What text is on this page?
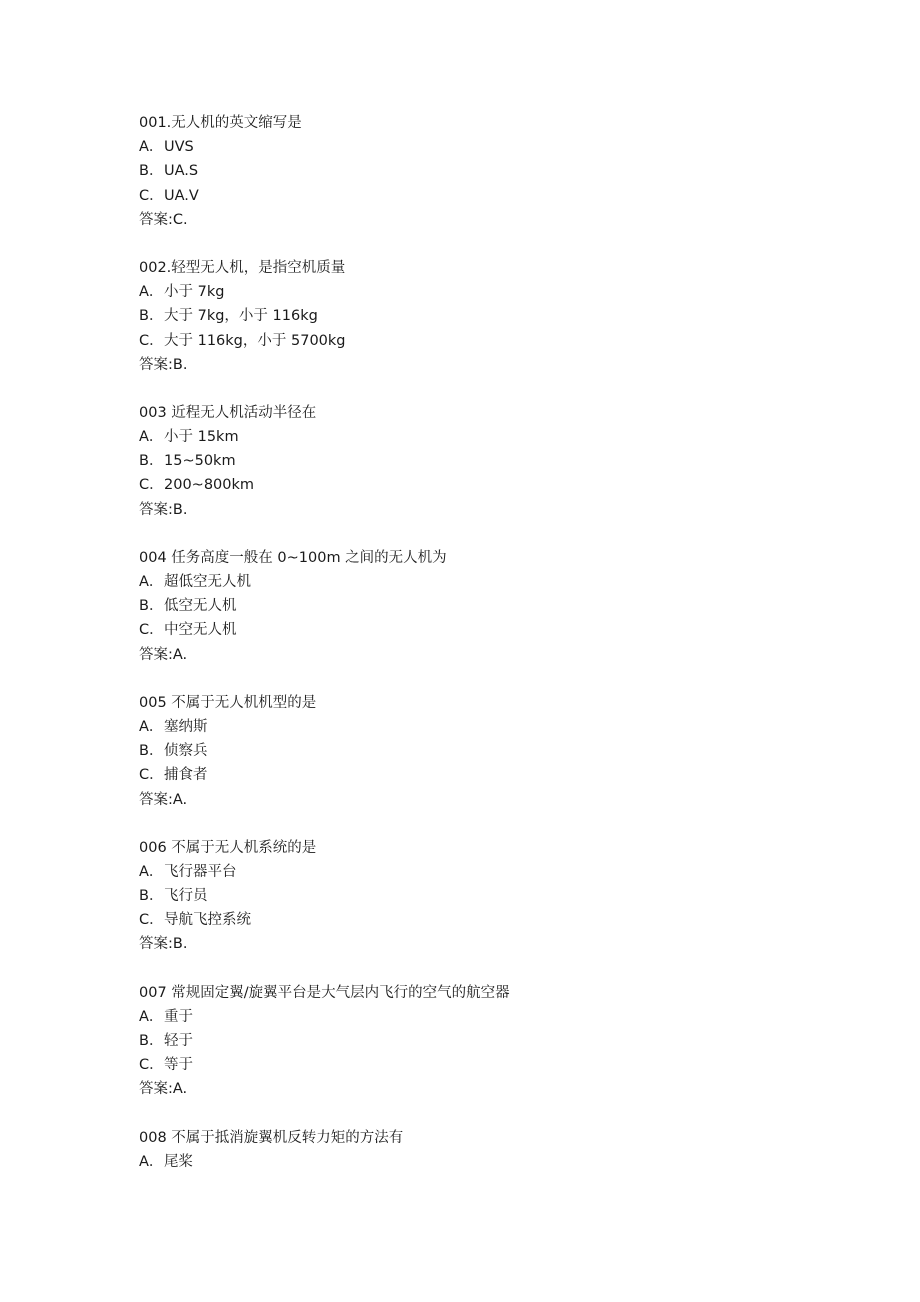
001.无人机的英文缩写是
A．UVS
B．UA.S
C．UA.V
答案:C.
002.轻型无人机，是指空机质量
A．小于 7kg
B．大于 7kg，小于 116kg
C．大于 116kg，小于 5700kg
答案:B.
003 近程无人机活动半径在
A．小于 15km
B．15~50km
C．200~800km
答案:B.
004 任务高度一般在 0~100m 之间的无人机为
A．超低空无人机
B．低空无人机
C．中空无人机
答案:A.
005 不属于无人机机型的是
A．塞纳斯
B．侦察兵
C．捕食者
答案:A.
006 不属于无人机系统的是
A．飞行器平台
B．飞行员
C．导航飞控系统
答案:B.
007 常规固定翼/旋翼平台是大气层内飞行的空气的航空器
A．重于
B．轻于
C．等于
答案:A.
008 不属于抵消旋翼机反转力矩的方法有
A．尾桨
